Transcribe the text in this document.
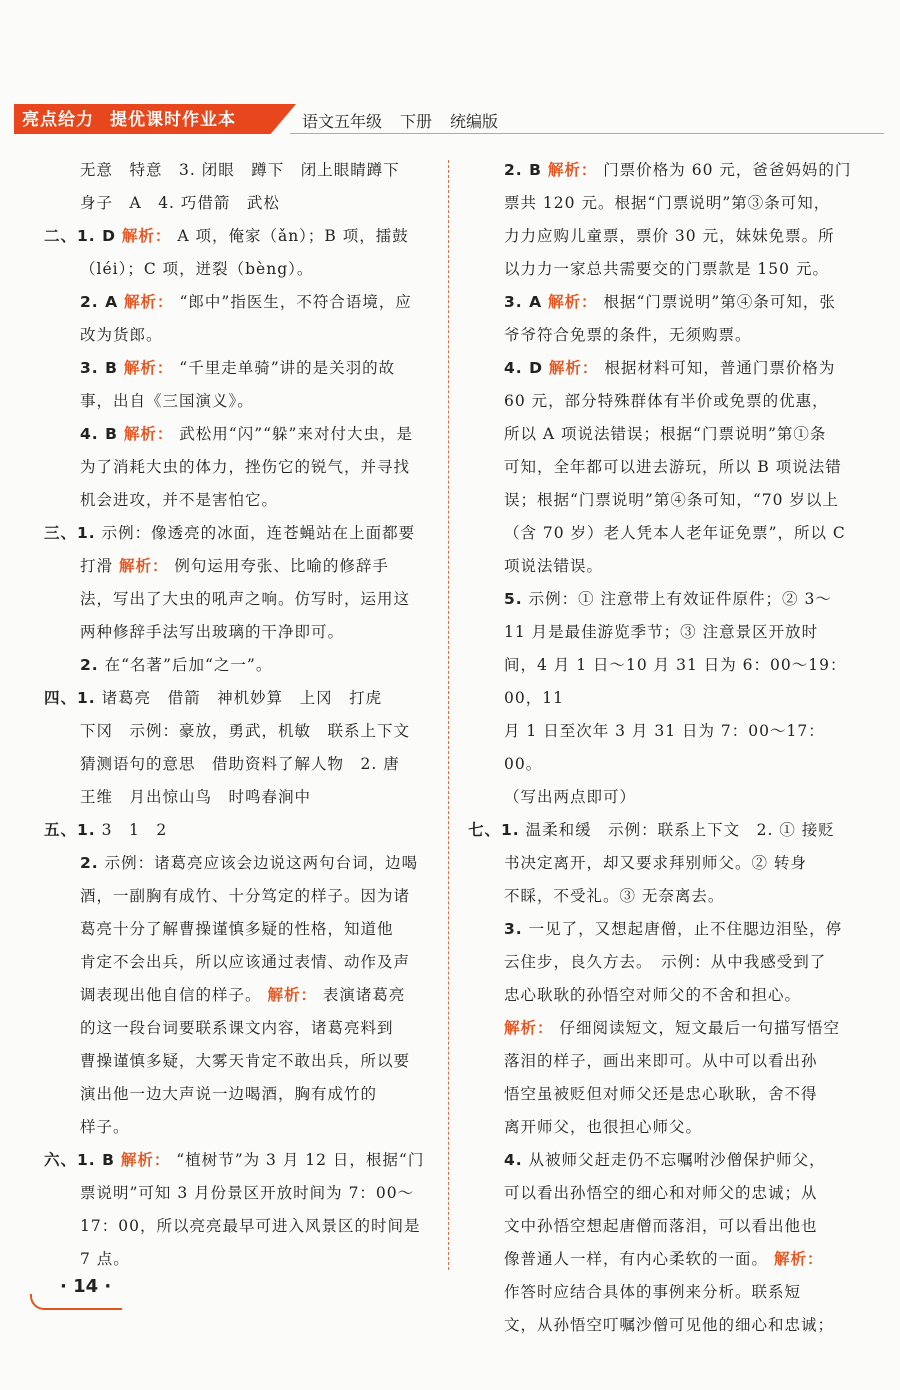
亮点给力 提优课时作业本	语文五年级 下册 统编版

无意　特意　3. 闭眼　蹲下　闭上眼睛蹲下

身子　A　4. 巧借箭　武松

二、1. D 解析： A 项，俺家（ǎn）；B 项，擂鼓

（léi）；C 项，迸裂（bèng）。

2. A 解析： “郎中”指医生，不符合语境，应

改为货郎。

3. B 解析： “千里走单骑”讲的是关羽的故

事，出自《三国演义》。

4. B 解析： 武松用“闪”“躲”来对付大虫，是

为了消耗大虫的体力，挫伤它的锐气，并寻找

机会进攻，并不是害怕它。

三、1. 示例：像透亮的冰面，连苍蝇站在上面都要

打滑 解析： 例句运用夸张、比喻的修辞手

法，写出了大虫的吼声之响。仿写时，运用这

两种修辞手法写出玻璃的干净即可。

2. 在“名著”后加“之一”。

四、1. 诸葛亮　借箭　神机妙算　上冈　打虎

下冈　示例：豪放，勇武，机敏　联系上下文

猜测语句的意思　借助资料了解人物　2. 唐

王维　月出惊山鸟　时鸣春涧中

五、1. 3　1　2

2. 示例：诸葛亮应该会边说这两句台词，边喝

酒，一副胸有成竹、十分笃定的样子。因为诸

葛亮十分了解曹操谨慎多疑的性格，知道他

肯定不会出兵，所以应该通过表情、动作及声

调表现出他自信的样子。 解析： 表演诸葛亮

的这一段台词要联系课文内容，诸葛亮料到

曹操谨慎多疑，大雾天肯定不敢出兵，所以要

演出他一边大声说一边喝酒，胸有成竹的

样子。

六、1. B 解析： “植树节”为 3 月 12 日，根据“门

票说明”可知 3 月份景区开放时间为 7：00～

17：00，所以亮亮最早可进入风景区的时间是

7 点。

2. B 解析： 门票价格为 60 元，爸爸妈妈的门

票共 120 元。根据“门票说明”第③条可知，

力力应购儿童票，票价 30 元，妹妹免票。所

以力力一家总共需要交的门票款是 150 元。

3. A 解析： 根据“门票说明”第④条可知，张

爷爷符合免票的条件，无须购票。

4. D 解析： 根据材料可知，普通门票价格为

60 元，部分特殊群体有半价或免票的优惠，

所以 A 项说法错误；根据“门票说明”第①条

可知，全年都可以进去游玩，所以 B 项说法错

误；根据“门票说明”第④条可知，“70 岁以上

（含 70 岁）老人凭本人老年证免票”，所以 C

项说法错误。

5. 示例：① 注意带上有效证件原件；② 3～

11 月是最佳游览季节；③ 注意景区开放时

间，4 月 1 日～10 月 31 日为 6：00～19：00，11

月 1 日至次年 3 月 31 日为 7：00～17：00。

（写出两点即可）

七、1. 温柔和缓　示例：联系上下文　2. ① 接贬

书决定离开，却又要求拜别师父。② 转身

不睬，不受礼。③ 无奈离去。

3. 一见了，又想起唐僧，止不住腮边泪坠，停

云住步，良久方去。　示例：从中我感受到了

忠心耿耿的孙悟空对师父的不舍和担心。

解析： 仔细阅读短文，短文最后一句描写悟空

落泪的样子，画出来即可。从中可以看出孙

悟空虽被贬但对师父还是忠心耿耿，舍不得

离开师父，也很担心师父。

4. 从被师父赶走仍不忘嘱咐沙僧保护师父，

可以看出孙悟空的细心和对师父的忠诚；从

文中孙悟空想起唐僧而落泪，可以看出他也

像普通人一样，有内心柔软的一面。 解析：

作答时应结合具体的事例来分析。联系短

文，从孙悟空叮嘱沙僧可见他的细心和忠诚；

· 14 ·
